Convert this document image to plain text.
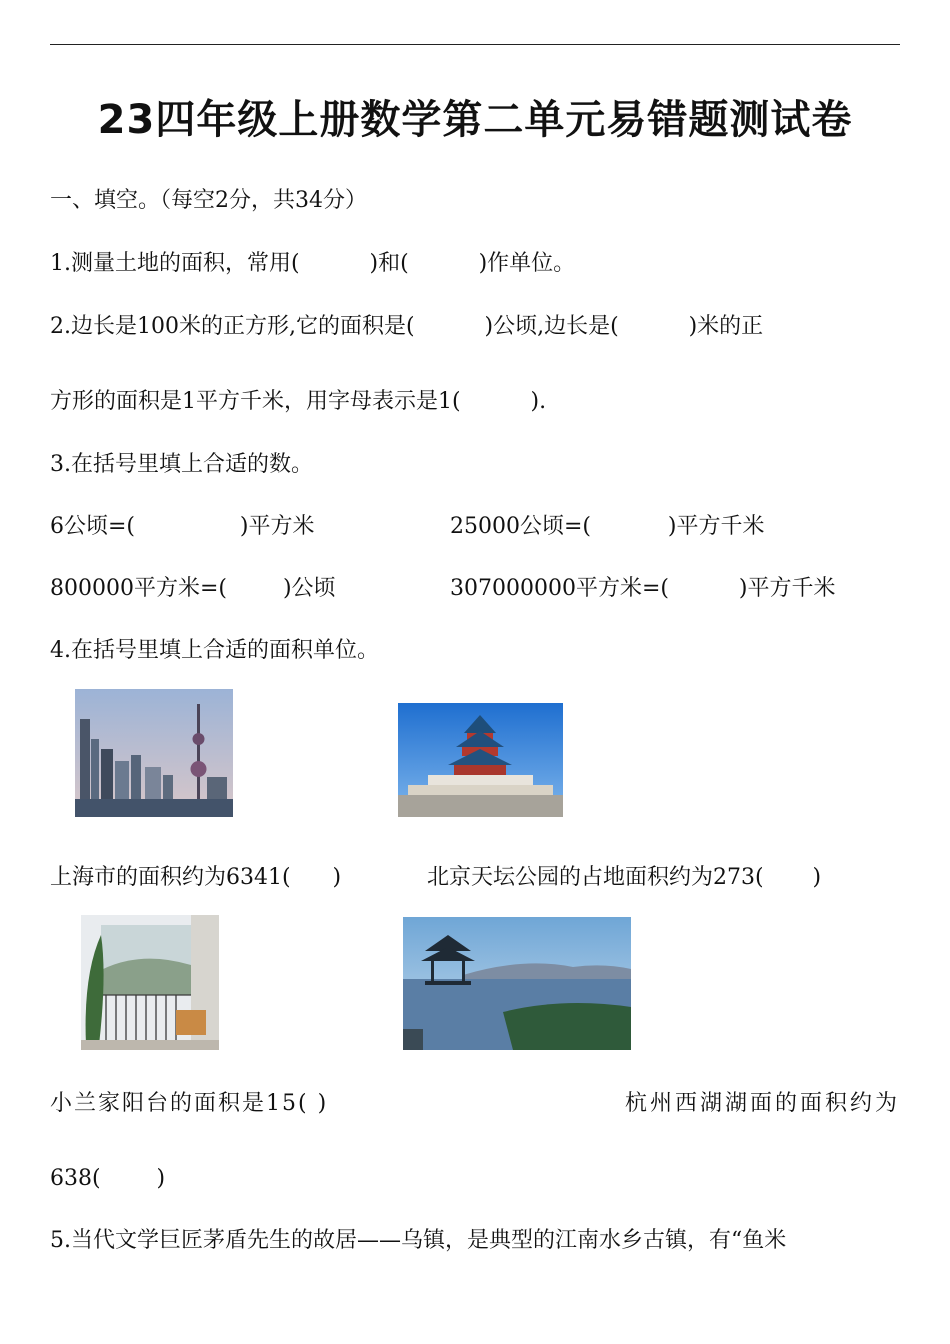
23四年级上册数学第二单元易错题测试卷
一、填空。（每空2分，共34分）
1.测量土地的面积，常用(          )和(          )作单位。
2.边长是100米的正方形,它的面积是(          )公顷,边长是(          )米的正
方形的面积是1平方千米，用字母表示是1(          ).
3.在括号里填上合适的数。
6公顷=(               )平方米	25000公顷=(           )平方千米
800000平方米=(        )公顷	307000000平方米=(          )平方千米
4.在括号里填上合适的面积单位。
上海市的面积约为6341(      )	北京天坛公园的占地面积约为273(       )
小兰家阳台的面积是15( )	杭州西湖湖面的面积约为
638(        )
5.当代文学巨匠茅盾先生的故居——乌镇，是典型的江南水乡古镇，有“鱼米
